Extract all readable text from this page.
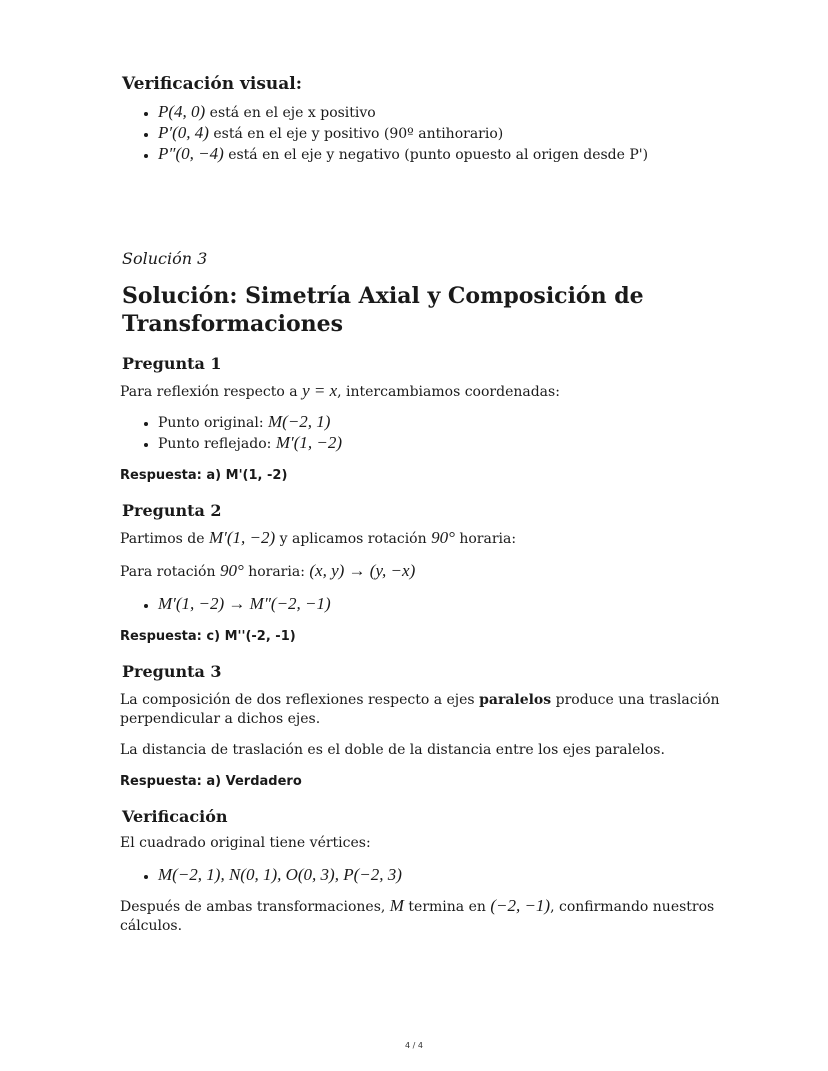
Verificación visual:
• P(4, 0) está en el eje x positivo
• P′(0, 4) está en el eje y positivo (90º antihorario)
• P″(0, −4) está en el eje y negativo (punto opuesto al origen desde P')
Solución 3
Solución: Simetría Axial y Composición de
Transformaciones
Pregunta 1

Para reflexión respecto a y = x, intercambiamos coordenadas:

• Punto original: M(−2, 1)
• Punto reflejado: M′(1, −2)

Respuesta: a) M'(1, -2)

Pregunta 2

Partimos de M′(1, −2) y aplicamos rotación 90° horaria:

Para rotación 90° horaria: (x, y) → (y, −x)

• M′(1, −2) → M″(−2, −1)

Respuesta: c) M''(-2, -1)

Pregunta 3

La composición de dos reflexiones respecto a ejes paralelos produce una traslación perpendicular a dichos ejes.

La distancia de traslación es el doble de la distancia entre los ejes paralelos.

Respuesta: a) Verdadero

Verificación

El cuadrado original tiene vértices:

• M(−2, 1), N(0, 1), O(0, 3), P(−2, 3)

Después de ambas transformaciones, M termina en (−2, −1), confirmando nuestros cálculos.

4 / 4
